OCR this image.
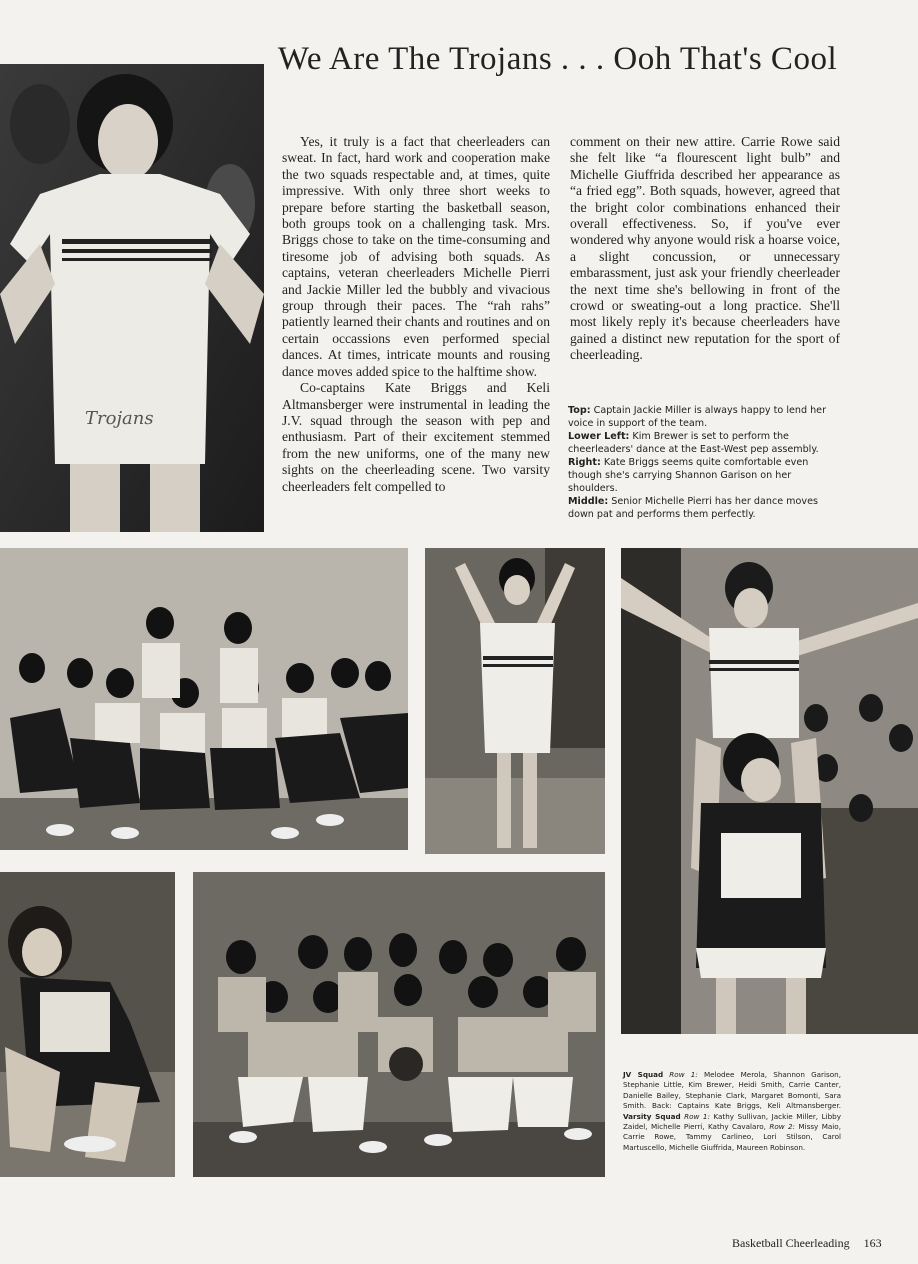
Trojans
We Are The Trojans . . . Ooh That's Cool

Yes, it truly is a fact that cheerleaders can sweat. In fact, hard work and cooperation make the two squads respectable and, at times, quite impressive. With only three short weeks to prepare before starting the basketball season, both groups took on a challenging task. Mrs. Briggs chose to take on the time-consuming and tiresome job of advising both squads. As captains, veteran cheerleaders Michelle Pierri and Jackie Miller led the bubbly and vivacious group through their paces. The “rah rahs” patiently learned their chants and routines and on certain occassions even performed special dances. At times, intricate mounts and rousing dance moves added spice to the halftime show.

Co-captains Kate Briggs and Keli Altmansberger were instrumental in leading the J.V. squad through the season with pep and enthusiasm. Part of their excitement stemmed from the new uniforms, one of the many new sights on the cheerleading scene. Two varsity cheerleaders felt compelled to

comment on their new attire. Carrie Rowe said she felt like “a flourescent light bulb” and Michelle Giuffrida described her appearance as “a fried egg”. Both squads, however, agreed that the bright color combinations enhanced their overall effectiveness. So, if you've ever wondered why anyone would risk a hoarse voice, a slight concussion, or unnecessary embarassment, just ask your friendly cheerleader the next time she's bellowing in front of the crowd or sweating-out a long practice. She'll most likely reply it's because cheerleaders have gained a distinct new reputation for the sport of cheerleading.

Top: Captain Jackie Miller is always happy to lend her voice in support of the team.

Lower Left: Kim Brewer is set to perform the cheerleaders' dance at the East-West pep assembly.

Right: Kate Briggs seems quite comfortable even though she's carrying Shannon Garison on her shoulders.

Middle: Senior Michelle Pierri has her dance moves down pat and performs them perfectly.

JV Squad Row 1: Melodee Merola, Shannon Garison, Stephanie Little, Kim Brewer, Heidi Smith, Carrie Canter, Danielle Bailey, Stephanie Clark, Margaret Bomonti, Sara Smith. Back: Captains Kate Briggs, Keli Altmansberger. Varsity Squad Row 1: Kathy Sullivan, Jackie Miller, Libby Zaidel, Michelle Pierri, Kathy Cavalaro, Row 2: Missy Maio, Carrie Rowe, Tammy Carlineo, Lori Stilson, Carol Martuscello, Michelle Giuffrida, Maureen Robinson.
Basketball Cheerleading 163
